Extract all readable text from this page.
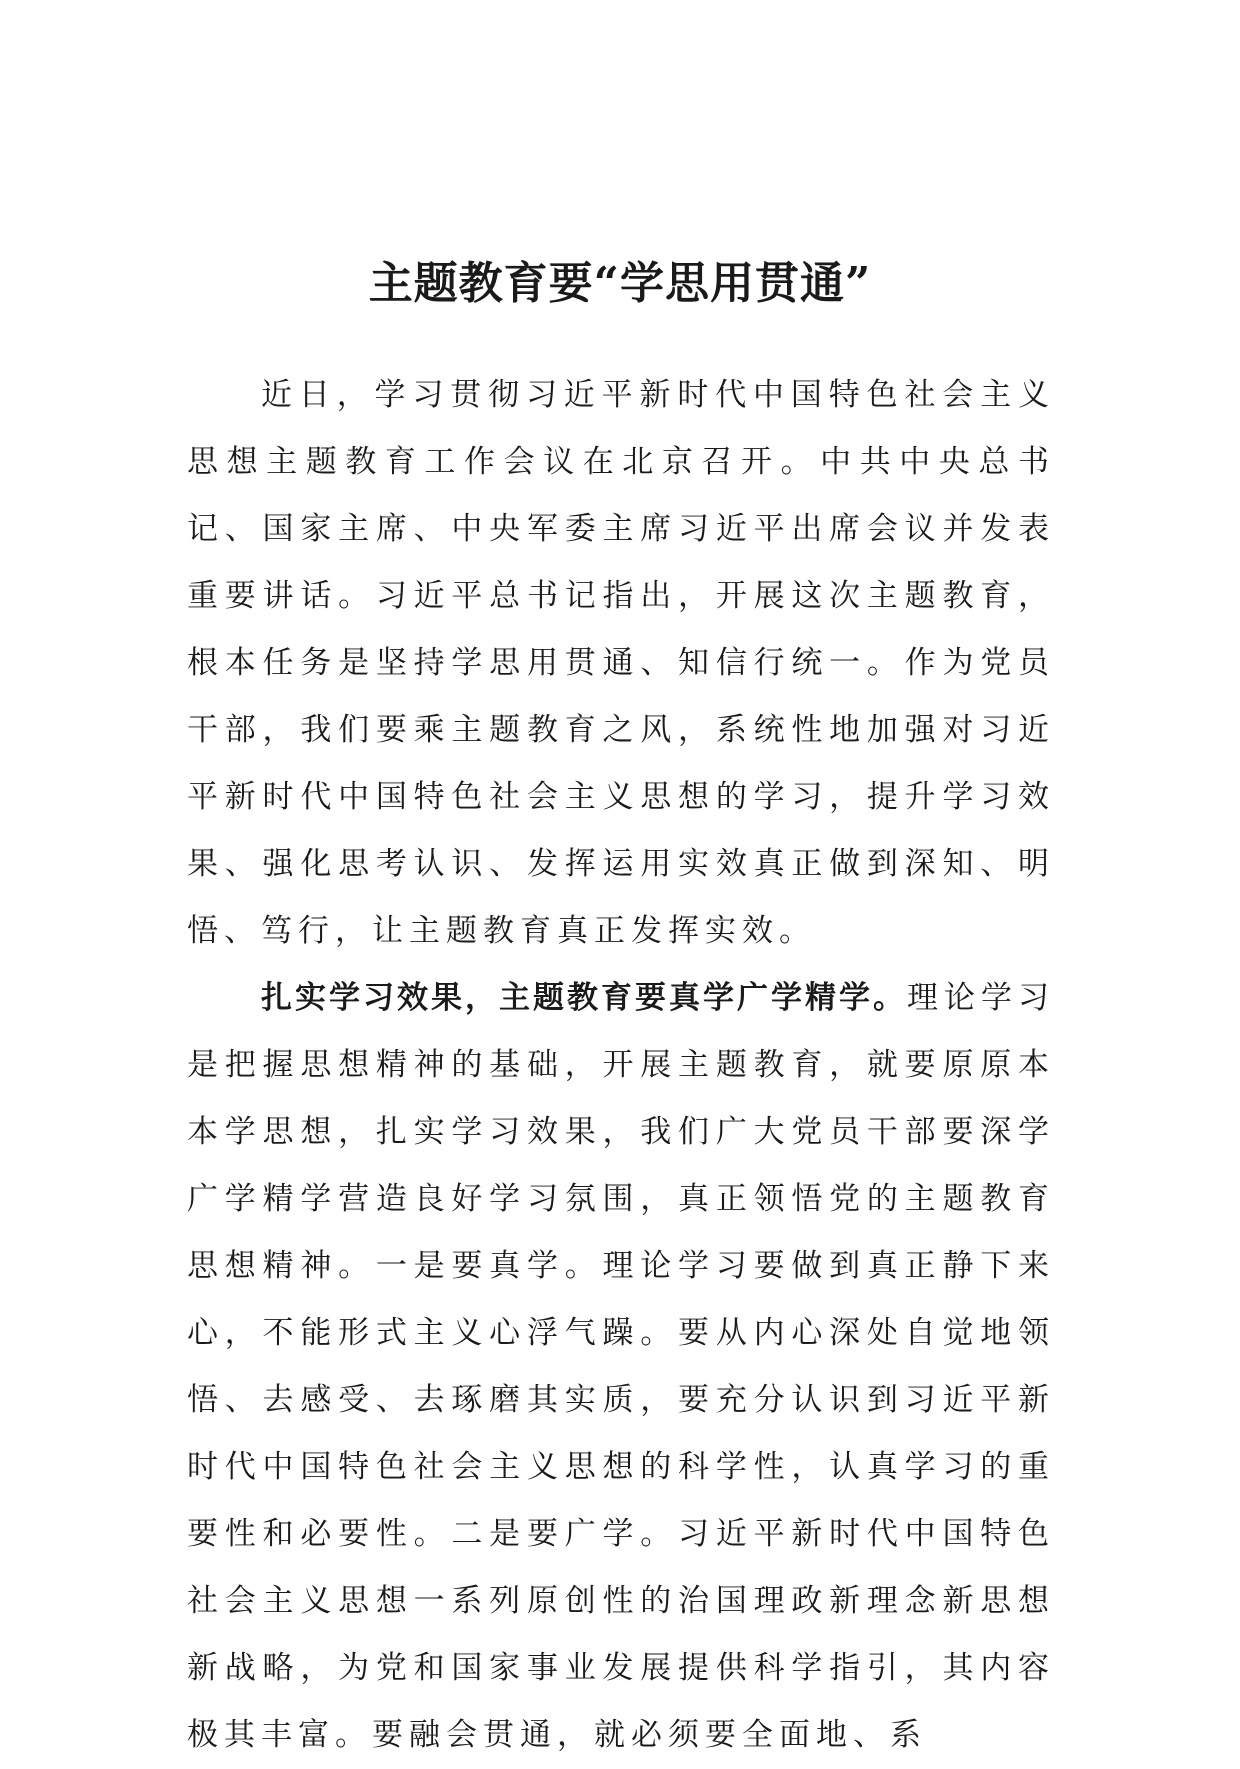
主题教育要“学思用贯通”

近日，学习贯彻习近平新时代中国特色社会主义思想主题教育工作会议在北京召开。中共中央总书记、国家主席、中央军委主席习近平出席会议并发表重要讲话。习近平总书记指出，开展这次主题教育，根本任务是坚持学思用贯通、知信行统一。作为党员干部，我们要乘主题教育之风，系统性地加强对习近平新时代中国特色社会主义思想的学习，提升学习效果、强化思考认识、发挥运用实效真正做到深知、明悟、笃行，让主题教育真正发挥实效。

扎实学习效果，主题教育要真学广学精学。理论学习是把握思想精神的基础，开展主题教育，就要原原本本学思想，扎实学习效果，我们广大党员干部要深学广学精学营造良好学习氛围，真正领悟党的主题教育思想精神。一是要真学。理论学习要做到真正静下来心，不能形式主义心浮气躁。要从内心深处自觉地领悟、去感受、去琢磨其实质，要充分认识到习近平新时代中国特色社会主义思想的科学性，认真学习的重要性和必要性。二是要广学。习近平新时代中国特色社会主义思想一系列原创性的治国理政新理念新思想新战略，为党和国家事业发展提供科学指引，其内容极其丰富。要融会贯通，就必须要全面地、系
